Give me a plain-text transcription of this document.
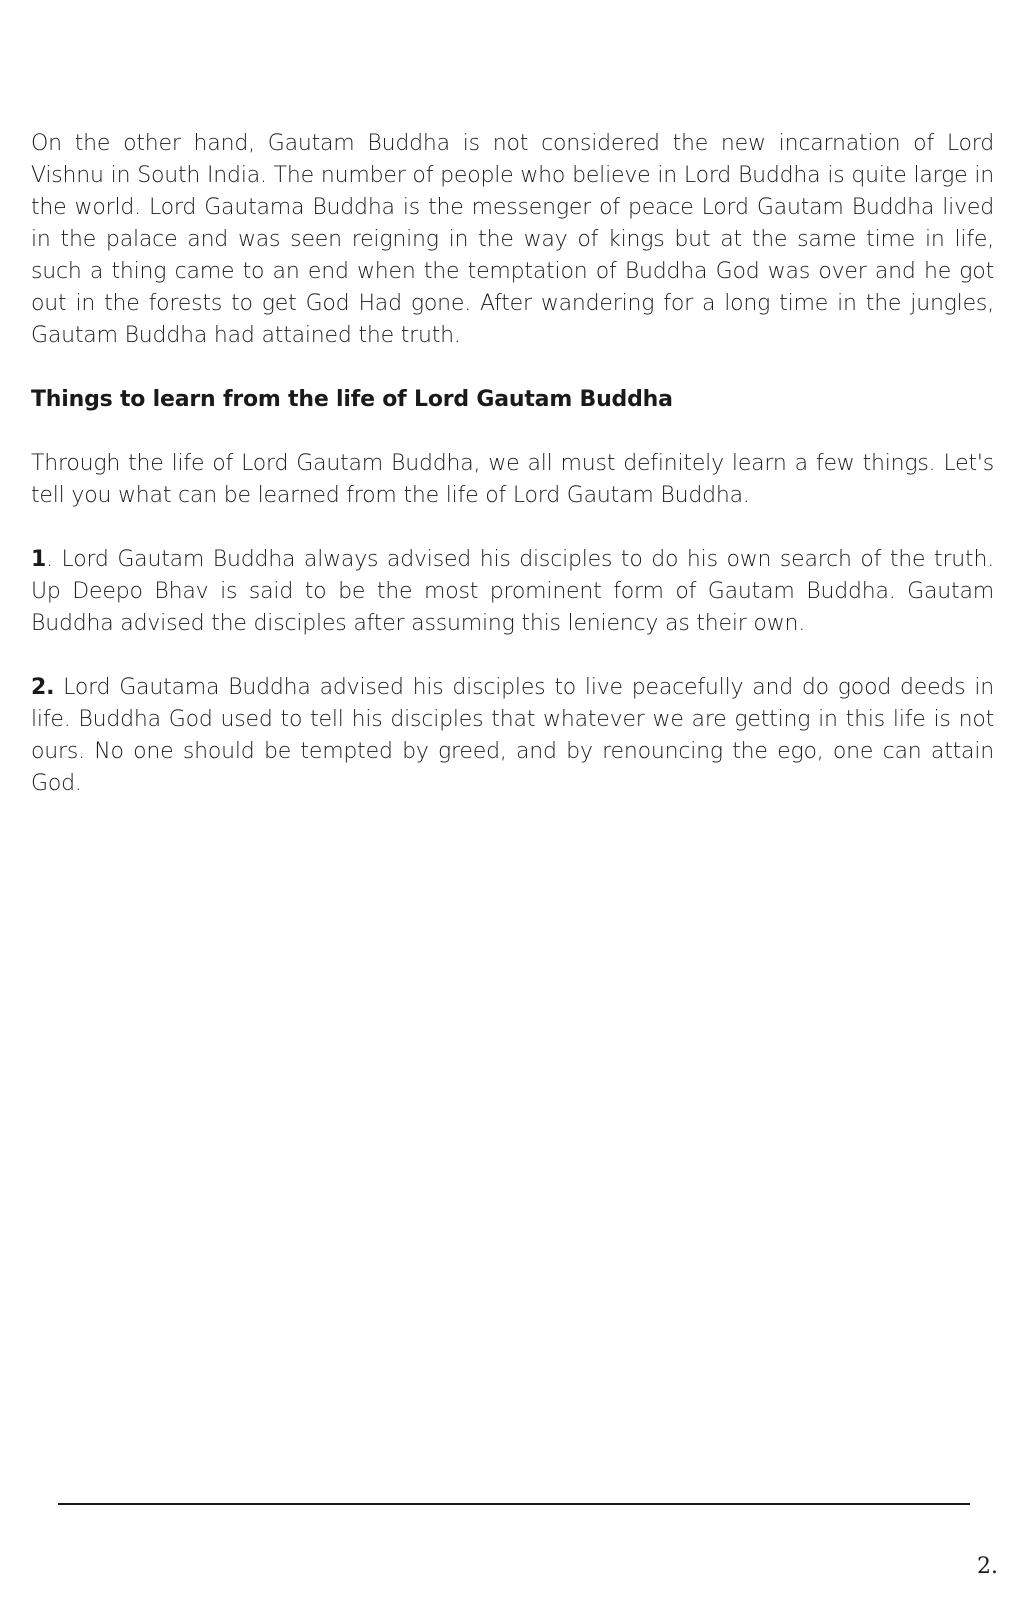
On the other hand, Gautam Buddha is not considered the new incarnation of Lord Vishnu in South India. The number of people who believe in Lord Buddha is quite large in the world. Lord Gautama Buddha is the messenger of peace Lord Gautam Buddha lived in the palace and was seen reigning in the way of kings but at the same time in life, such a thing came to an end when the temptation of Buddha God was over and he got out in the forests to get God Had gone. After wandering for a long time in the jungles, Gautam Buddha had attained the truth.

Things to learn from the life of Lord Gautam Buddha

Through the life of Lord Gautam Buddha, we all must definitely learn a few things. Let's tell you what can be learned from the life of Lord Gautam Buddha.

1. Lord Gautam Buddha always advised his disciples to do his own search of the truth. Up Deepo Bhav is said to be the most prominent form of Gautam Buddha. Gautam Buddha advised the disciples after assuming this leniency as their own.

2. Lord Gautama Buddha advised his disciples to live peacefully and do good deeds in life. Buddha God used to tell his disciples that whatever we are getting in this life is not ours. No one should be tempted by greed, and by renouncing the ego, one can attain God.

2.
